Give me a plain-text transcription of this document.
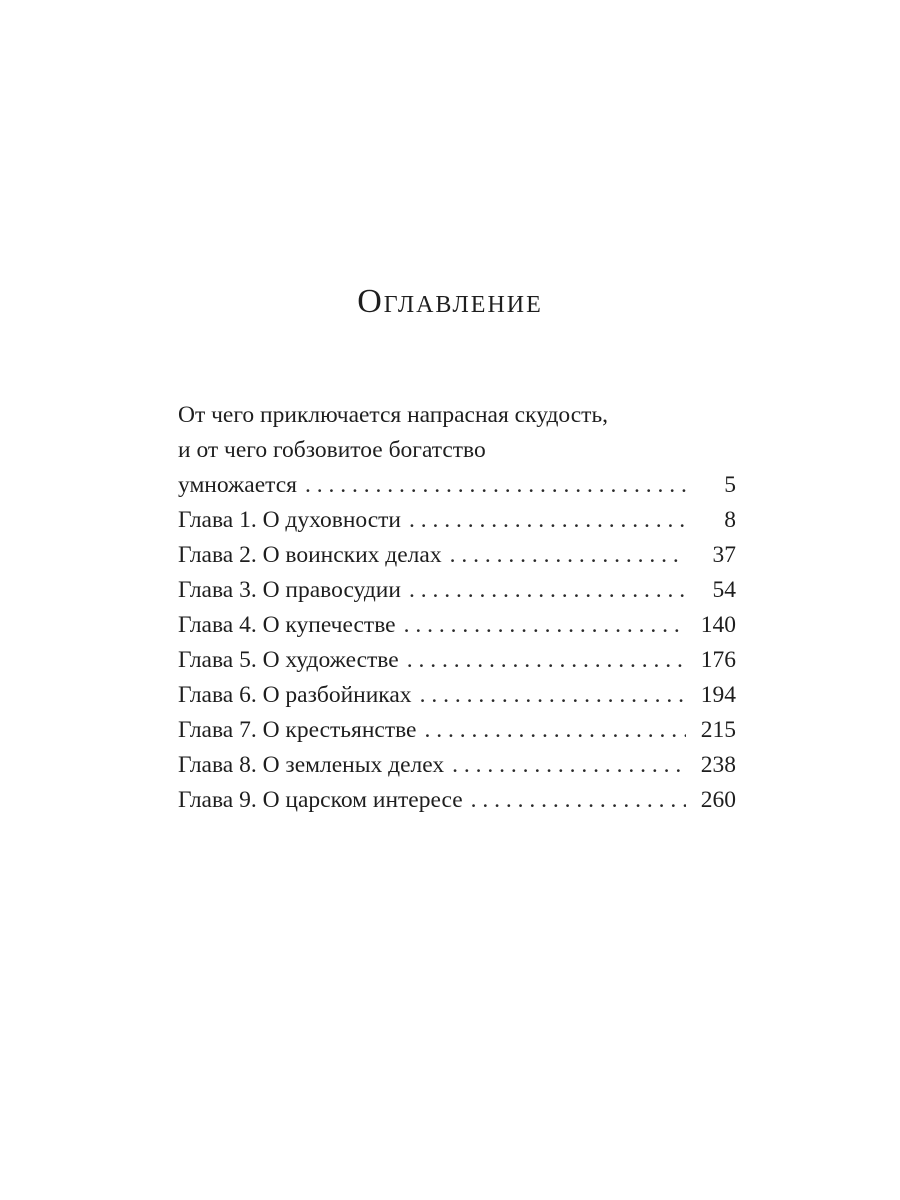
Оглавление
От чего приключается напрасная скудость,
и от чего гобзовитое богатство
умножается . . .	5
Глава 1. О духовности . . .	8
Глава 2. О воинских делах . . .	37
Глава 3. О правосудии . . .	54
Глава 4. О купечестве . . .	140
Глава 5. О художестве . . .	176
Глава 6. О разбойниках . . .	194
Глава 7. О крестьянстве . . .	215
Глава 8. О земленых делех . . .	238
Глава 9. О царском интересе . . .	260
